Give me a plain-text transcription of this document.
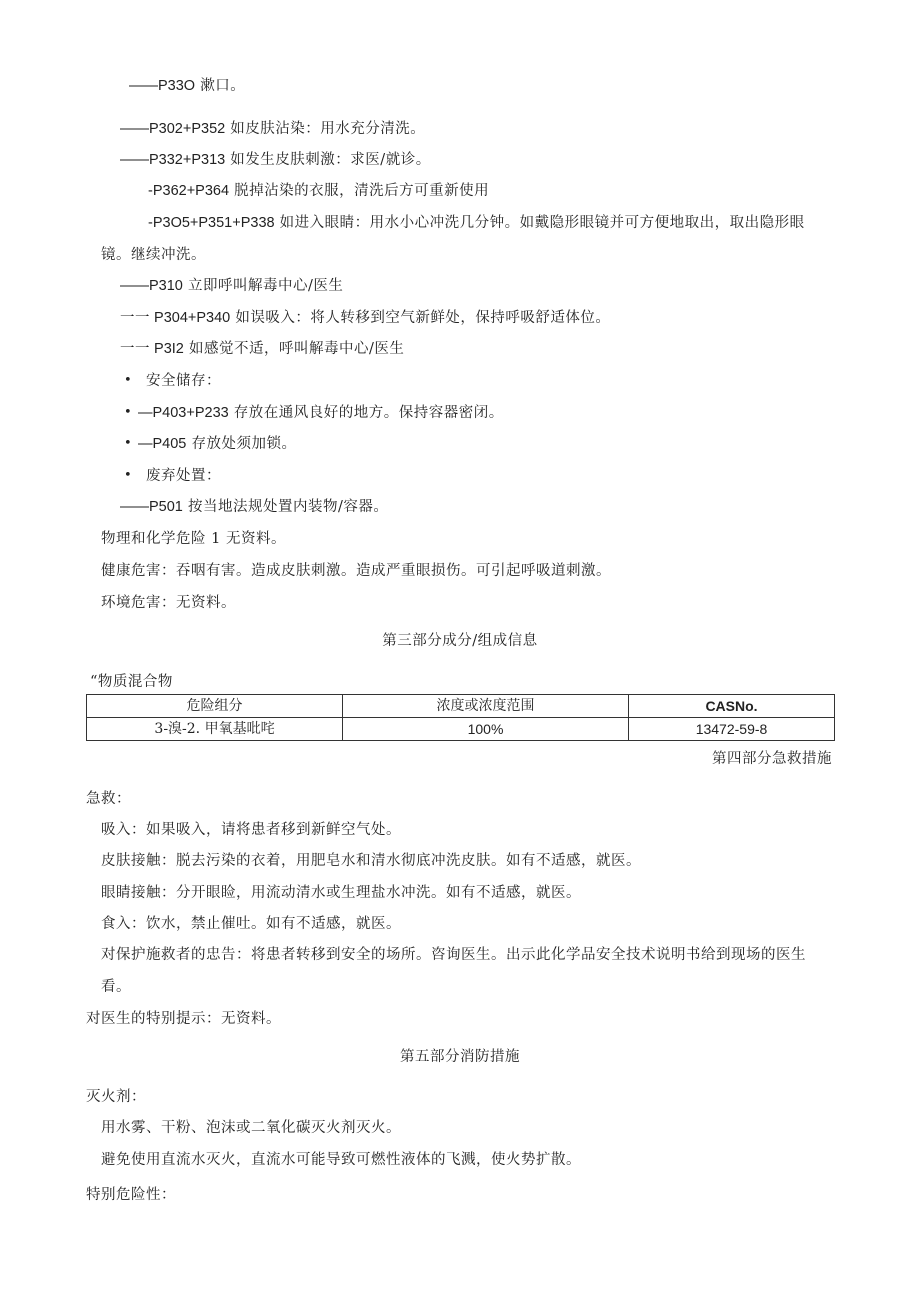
——P33O 漱口。
——P302+P352 如皮肤沾染：用水充分清洗。
——P332+P313 如发生皮肤刺激：求医/就诊。
-P362+P364 脱掉沾染的衣服，清洗后方可重新使用
-P3O5+P351+P338 如进入眼睛：用水小心冲洗几分钟。如戴隐形眼镜并可方便地取出，取出隐形眼
镜。继续冲洗。
——P310 立即呼叫解毒中心/医生
一一 P304+P340 如误吸入：将人转移到空气新鲜处，保持呼吸舒适体位。
一一 P3I2 如感觉不适，呼叫解毒中心/医生
• 安全储存：
• —P403+P233 存放在通风良好的地方。保持容器密闭。
• —P405 存放处须加锁。
• 废弃处置：
——P501 按当地法规处置内装物/容器。
物理和化学危险 1 无资料。
健康危害：吞咽有害。造成皮肤刺激。造成严重眼损伤。可引起呼吸道刺激。
环境危害：无资料。
第三部分成分/组成信息
“物质混合物
危险组分	浓度或浓度范围	CASNo.
3-溴-2. 甲氧基吡咤	100%	13472-59-8
第四部分急救措施
急救：
吸入：如果吸入，请将患者移到新鲜空气处。
皮肤接触：脱去污染的衣着，用肥皂水和清水彻底冲洗皮肤。如有不适感，就医。
眼睛接触：分开眼睑，用流动清水或生理盐水冲洗。如有不适感，就医。
食入：饮水，禁止催吐。如有不适感，就医。
对保护施救者的忠告：将患者转移到安全的场所。咨询医生。出示此化学品安全技术说明书给到现场的医生
看。
对医生的特别提示：无资料。
第五部分消防措施
灭火剂：
用水雾、干粉、泡沫或二氧化碳灭火剂灭火。
避免使用直流水灭火，直流水可能导致可燃性液体的飞溅，使火势扩散。
特别危险性：
